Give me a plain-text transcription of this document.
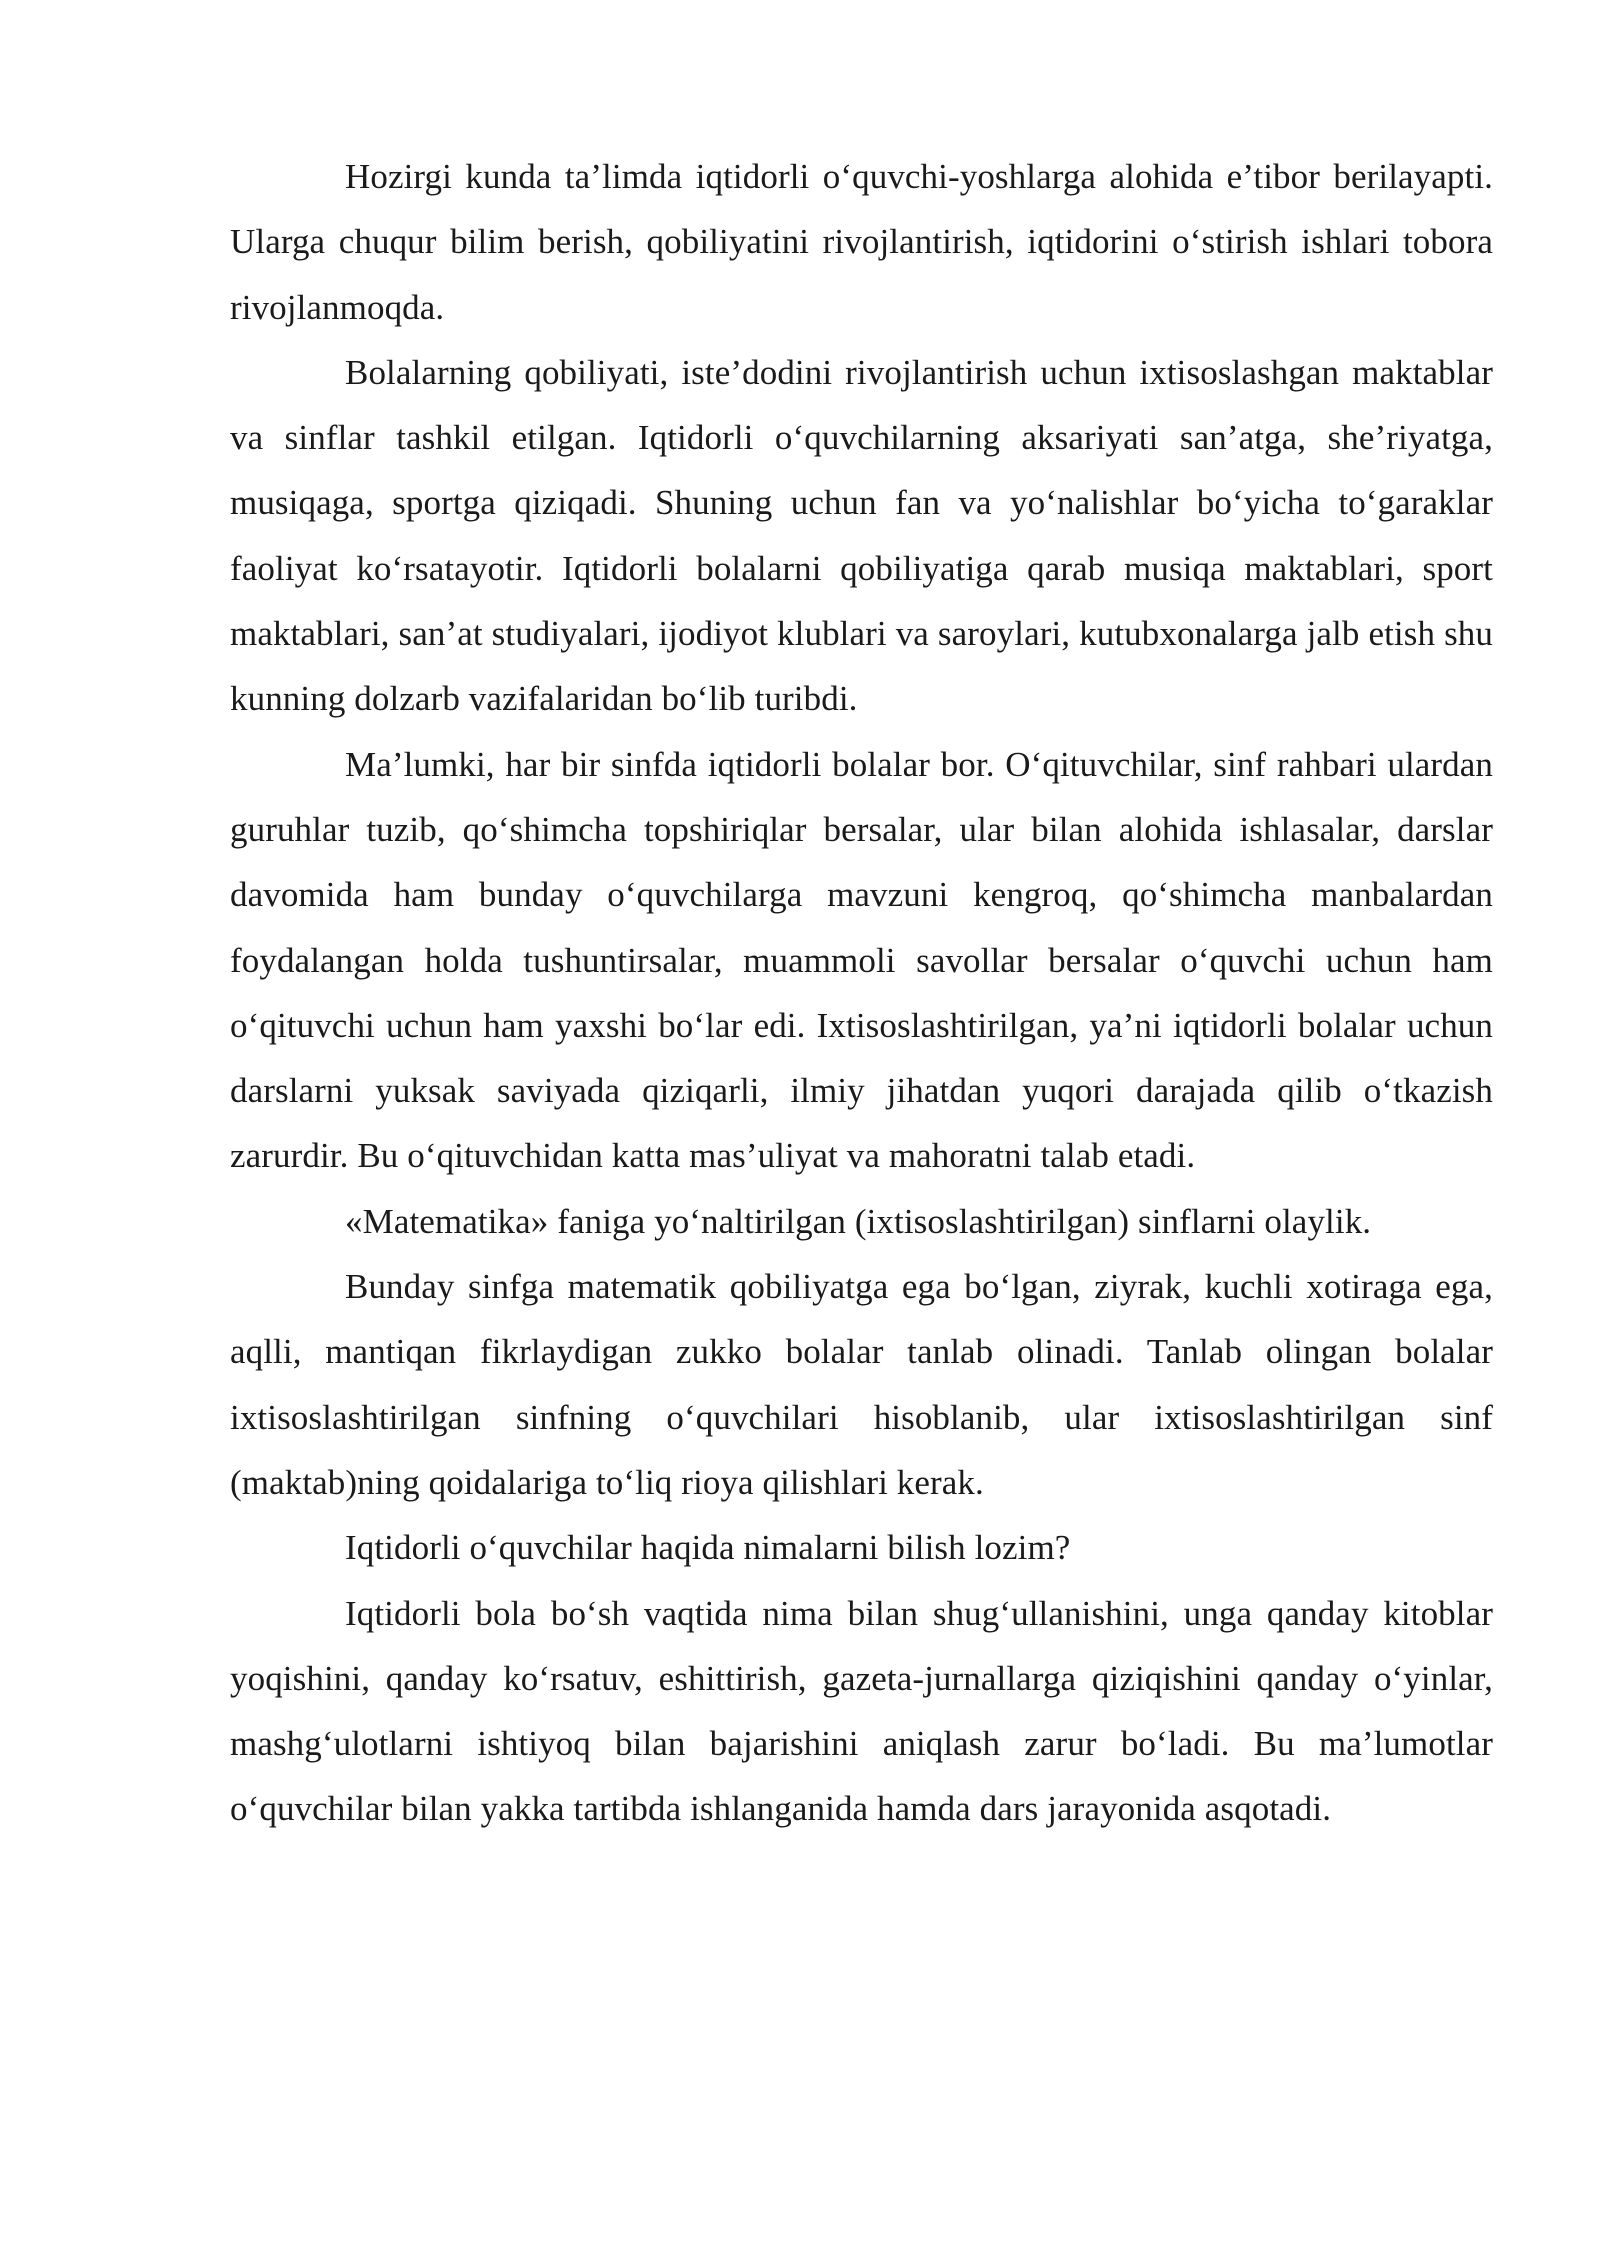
Hozirgi kunda ta’limda iqtidorli o‘quvchi-yoshlarga alohida e’tibor berilayapti. Ularga chuqur bilim berish, qobiliyatini rivojlantirish, iqtidorini o‘stirish ishlari tobora rivojlanmoqda.

Bolalarning qobiliyati, iste’dodini rivojlantirish uchun ixtisoslashgan maktablar va sinflar tashkil etilgan. Iqtidorli o‘quvchilarning aksariyati san’atga, she’riyatga, musiqaga, sportga qiziqadi. Shuning uchun fan va yo‘nalishlar bo‘yicha to‘garaklar faoliyat ko‘rsatayotir. Iqtidorli bolalarni qobiliyatiga qarab musiqa maktablari, sport maktablari, san’at studiyalari, ijodiyot klublari va saroylari, kutubxonalarga jalb etish shu kunning dolzarb vazifalaridan bo‘lib turibdi.

Ma’lumki, har bir sinfda iqtidorli bolalar bor. O‘qituvchilar, sinf rahbari ulardan guruhlar tuzib, qo‘shimcha topshiriqlar bersalar, ular bilan alohida ishlasalar, darslar davomida ham bunday o‘quvchilarga mavzuni kengroq, qo‘shimcha manbalardan foydalangan holda tushuntirsalar, muammoli savollar bersalar o‘quvchi uchun ham o‘qituvchi uchun ham yaxshi bo‘lar edi. Ixtisoslashtirilgan, ya’ni iqtidorli bolalar uchun darslarni yuksak saviyada qiziqarli, ilmiy jihatdan yuqori darajada qilib o‘tkazish zarurdir. Bu o‘qituvchidan katta mas’uliyat va mahoratni talab etadi.

«Matematika» faniga yo‘naltirilgan (ixtisoslashtirilgan) sinflarni olaylik.

Bunday sinfga matematik qobiliyatga ega bo‘lgan, ziyrak, kuchli xotiraga ega, aqlli, mantiqan fikrlaydigan zukko bolalar tanlab olinadi. Tanlab olingan bolalar ixtisoslashtirilgan sinfning o‘quvchilari hisoblanib, ular ixtisoslashtirilgan sinf (maktab)ning qoidalariga to‘liq rioya qilishlari kerak.

Iqtidorli o‘quvchilar haqida nimalarni bilish lozim?

Iqtidorli bola bo‘sh vaqtida nima bilan shug‘ullanishini, unga qanday kitoblar yoqishini, qanday ko‘rsatuv, eshittirish, gazeta-jurnallarga qiziqishini qanday o‘yinlar, mashg‘ulotlarni ishtiyoq bilan bajarishini aniqlash zarur bo‘ladi. Bu ma’lumotlar o‘quvchilar bilan yakka tartibda ishlanganida hamda dars jarayonida asqotadi.
